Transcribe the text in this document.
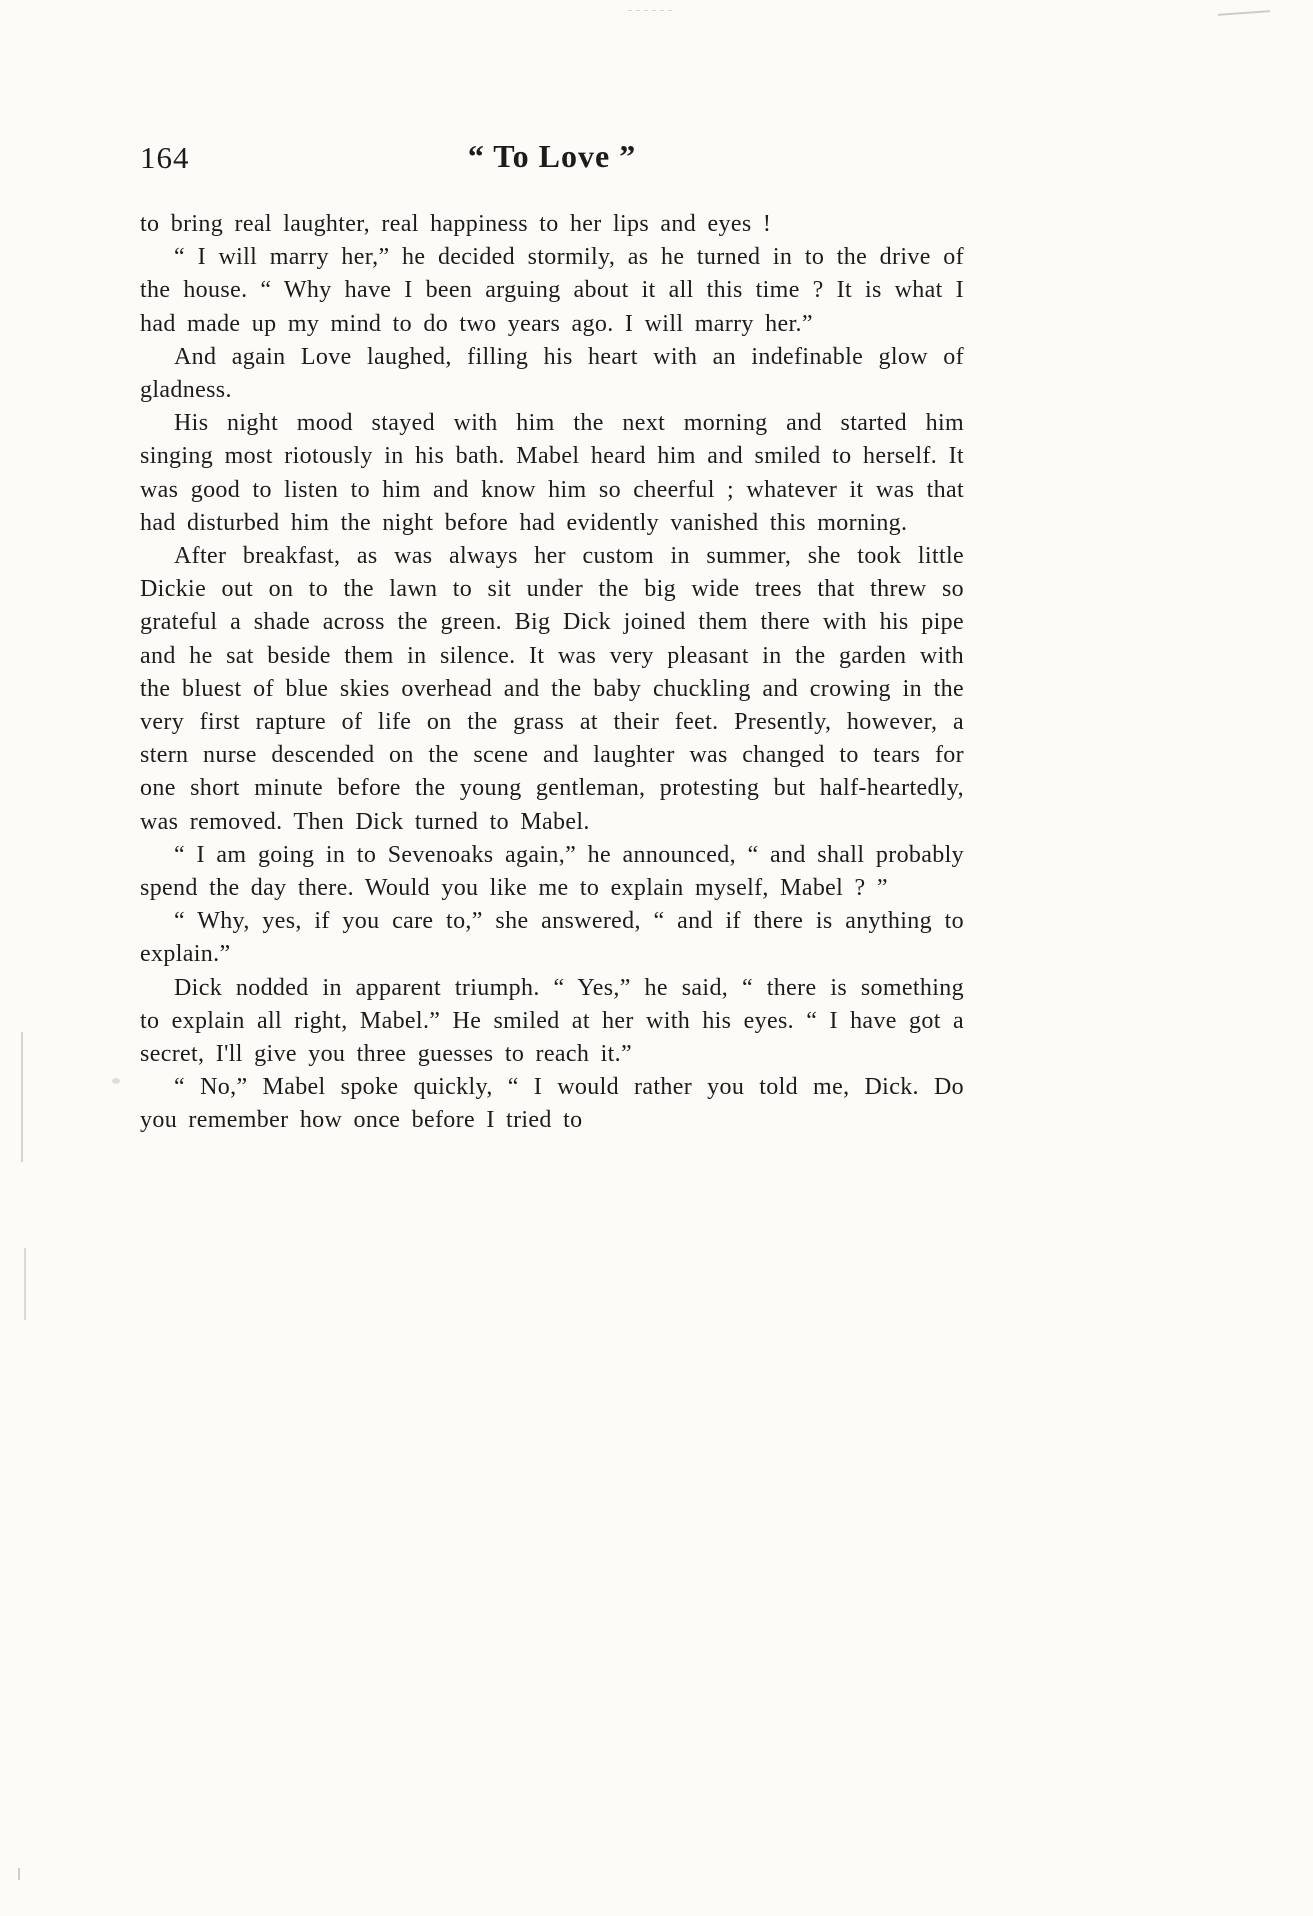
164	“ To Love ”

to bring real laughter, real happiness to her lips and eyes !

“ I will marry her,” he decided stormily, as he turned in to the drive of the house. “ Why have I been arguing about it all this time ? It is what I had made up my mind to do two years ago. I will marry her.”

And again Love laughed, filling his heart with an indefinable glow of gladness.

His night mood stayed with him the next morning and started him singing most riotously in his bath. Mabel heard him and smiled to herself. It was good to listen to him and know him so cheerful ; whatever it was that had disturbed him the night before had evidently vanished this morning.

After breakfast, as was always her custom in summer, she took little Dickie out on to the lawn to sit under the big wide trees that threw so grateful a shade across the green. Big Dick joined them there with his pipe and he sat beside them in silence. It was very pleasant in the garden with the bluest of blue skies overhead and the baby chuckling and crowing in the very first rapture of life on the grass at their feet. Presently, however, a stern nurse descended on the scene and laughter was changed to tears for one short minute before the young gentleman, protesting but half-heartedly, was removed. Then Dick turned to Mabel.

“ I am going in to Sevenoaks again,” he announced, “ and shall probably spend the day there. Would you like me to explain myself, Mabel ? ”

“ Why, yes, if you care to,” she answered, “ and if there is anything to explain.”

Dick nodded in apparent triumph. “ Yes,” he said, “ there is something to explain all right, Mabel.” He smiled at her with his eyes. “ I have got a secret, I'll give you three guesses to reach it.”

“ No,” Mabel spoke quickly, “ I would rather you told me, Dick. Do you remember how once before I tried to
